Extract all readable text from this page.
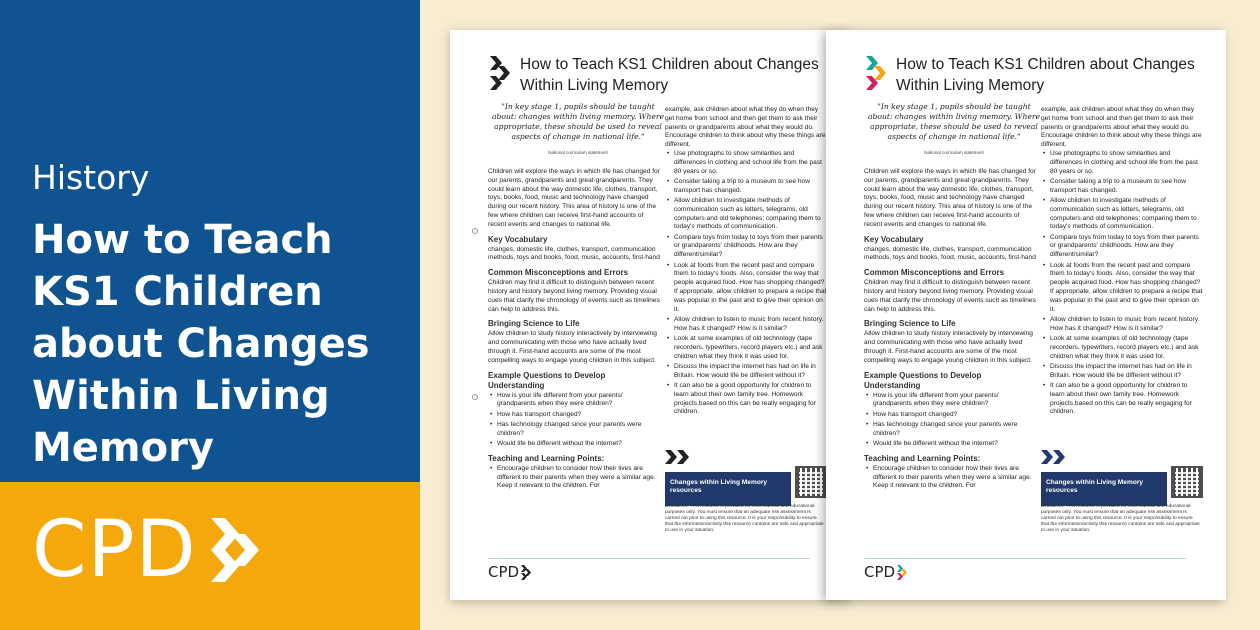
History
How to Teach KS1 Children about Changes Within Living Memory
CPD
How to Teach KS1 Children about Changes Within Living Memory
"In key stage 1, pupils should be taught about: changes within living memory. Where appropriate, these should be used to reveal aspects of change in national life."
National curriculum statement

Children will explore the ways in which life has changed for our parents, grandparents and great-grandparents. They could learn about the way domestic life, clothes, transport, toys, books, food, music and technology have changed during our recent history. This area of history is one of the few where children can receive first-hand accounts of recent events and changes to national life.

Key Vocabulary

changes, domestic life, clothes, transport, communication methods, toys and books, food, music, accounts, first-hand

Common Misconceptions and Errors

Children may find it difficult to distinguish between recent history and history beyond living memory. Providing visual cues that clarify the chronology of events such as timelines can help to address this.

Bringing Science to Life

Allow children to study history interactively by interviewing and communicating with those who have actually lived through it. First-hand accounts are some of the most compelling ways to engage young children in this subject.

Example Questions to Develop Understanding
• How is your life different from your parents/ grandparents when they were children?
• How has transport changed?
• Has technology changed since your parents were children?
• Would life be different without the internet?
Teaching and Learning Points:
• Encourage children to consider how their lives are different to their parents when they were a similar age. Keep it relevant to the children. For

example, ask children about what they do when they get home from school and then get them to ask their parents or grandparents about what they would do. Encourage children to think about why these things are different.

• Use photographs to show similarities and differences in clothing and school life from the past 80 years or so.
• Consider taking a trip to a museum to see how transport has changed.
• Allow children to investigate methods of communication such as letters, telegrams, old computers and old telephones; comparing them to today's methods of communication.
• Compare toys from today to toys from their parents or grandparents' childhoods. How are they different/similar?
• Look at foods from the recent past and compare them to today's foods. Also, consider the way that people acquired food. How has shopping changed? If appropriate, allow children to prepare a recipe that was popular in the past and to give their opinion on it.
• Allow children to listen to music from recent history. How has it changed? How is it similar?
• Look at some examples of old technology (tape recorders, typewriters, record players etc.) and ask children what they think it was used for.
• Discuss the impact the internet has had on life in Britain. How would life be different without it?
• It can also be a good opportunity for children to learn about their own family tree. Homework projects based on this can be really engaging for children.
Changes within Living Memory resources
Disclaimer: This resource is provided for informational and educational purposes only. You must ensure that an adequate risk assessment is carried out prior to using this resource. It is your responsibility to ensure that the information/activity this resource contains are safe and appropriate to use in your situation.
CPD
How to Teach KS1 Children about Changes Within Living Memory
"In key stage 1, pupils should be taught about: changes within living memory. Where appropriate, these should be used to reveal aspects of change in national life."
National curriculum statement

Children will explore the ways in which life has changed for our parents, grandparents and great-grandparents. They could learn about the way domestic life, clothes, transport, toys, books, food, music and technology have changed during our recent history. This area of history is one of the few where children can receive first-hand accounts of recent events and changes to national life.

Key Vocabulary

changes, domestic life, clothes, transport, communication methods, toys and books, food, music, accounts, first-hand

Common Misconceptions and Errors

Children may find it difficult to distinguish between recent history and history beyond living memory. Providing visual cues that clarify the chronology of events such as timelines can help to address this.

Bringing Science to Life

Allow children to study history interactively by interviewing and communicating with those who have actually lived through it. First-hand accounts are some of the most compelling ways to engage young children in this subject.

Example Questions to Develop Understanding
• How is your life different from your parents/ grandparents when they were children?
• How has transport changed?
• Has technology changed since your parents were children?
• Would life be different without the internet?
Teaching and Learning Points:
• Encourage children to consider how their lives are different to their parents when they were a similar age. Keep it relevant to the children. For

example, ask children about what they do when they get home from school and then get them to ask their parents or grandparents about what they would do. Encourage children to think about why these things are different.

• Use photographs to show similarities and differences in clothing and school life from the past 80 years or so.
• Consider taking a trip to a museum to see how transport has changed.
• Allow children to investigate methods of communication such as letters, telegrams, old computers and old telephones; comparing them to today's methods of communication.
• Compare toys from today to toys from their parents or grandparents' childhoods. How are they different/similar?
• Look at foods from the recent past and compare them to today's foods. Also, consider the way that people acquired food. How has shopping changed? If appropriate, allow children to prepare a recipe that was popular in the past and to give their opinion on it.
• Allow children to listen to music from recent history. How has it changed? How is it similar?
• Look at some examples of old technology (tape recorders, typewriters, record players etc.) and ask children what they think it was used for.
• Discuss the impact the internet has had on life in Britain. How would life be different without it?
• It can also be a good opportunity for children to learn about their own family tree. Homework projects based on this can be really engaging for children.
Changes within Living Memory resources
Disclaimer: This resource is provided for informational and educational purposes only. You must ensure that an adequate risk assessment is carried out prior to using this resource. It is your responsibility to ensure that the information/activity this resource contains are safe and appropriate to use in your situation.
CPD
